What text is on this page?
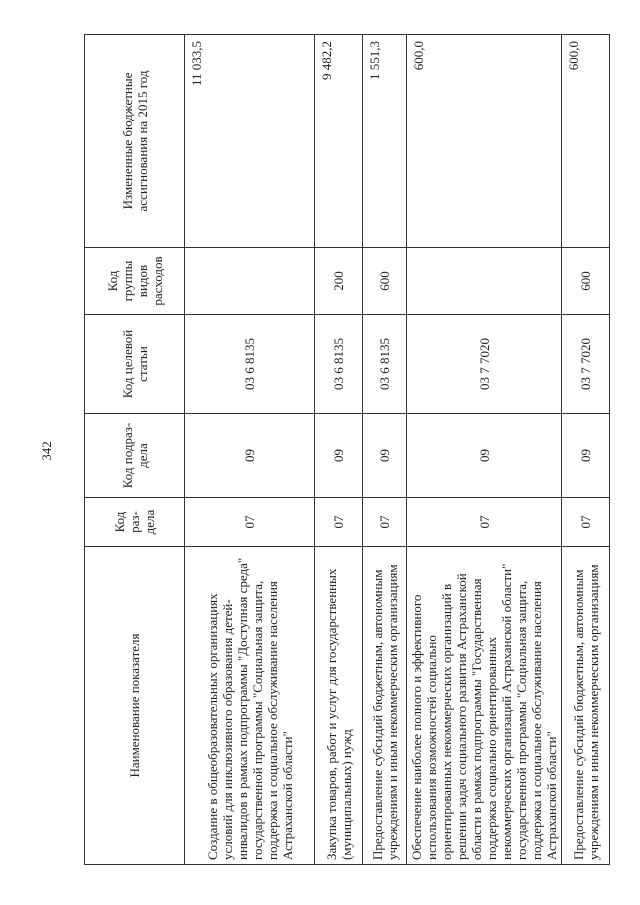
342
Наименование показателя	Код раз-дела	Код подраз-дела	Код целевой статьи	Код группы видов расходов	Измененные бюджетные ассигнования на 2015 год
Создание в общеобразовательных организациях условий для инклюзивного образования детей-инвалидов в рамках подпрограммы "Доступная среда" государственной программы "Социальная защита, поддержка и социальное обслуживание населения Астраханской области"	07	09	03 6 8135		11 033,5
Закупка товаров, работ и услуг для государственных (муниципальных) нужд	07	09	03 6 8135	200	9 482,2
Предоставление субсидий бюджетным, автономным учреждениям и иным некоммерческим организациям	07	09	03 6 8135	600	1 551,3
Обеспечение наиболее полного и эффективного использования возможностей социально ориентированных некоммерческих организаций в решении задач социального развития Астраханской области в рамках подпрограммы "Государственная поддержка социально ориентированных некоммерческих организаций Астраханской области" государственной программы "Социальная защита, поддержка и социальное обслуживание населения Астраханской области"	07	09	03 7 7020		600,0
Предоставление субсидий бюджетным, автономным учреждениям и иным некоммерческим организациям	07	09	03 7 7020	600	600,0
